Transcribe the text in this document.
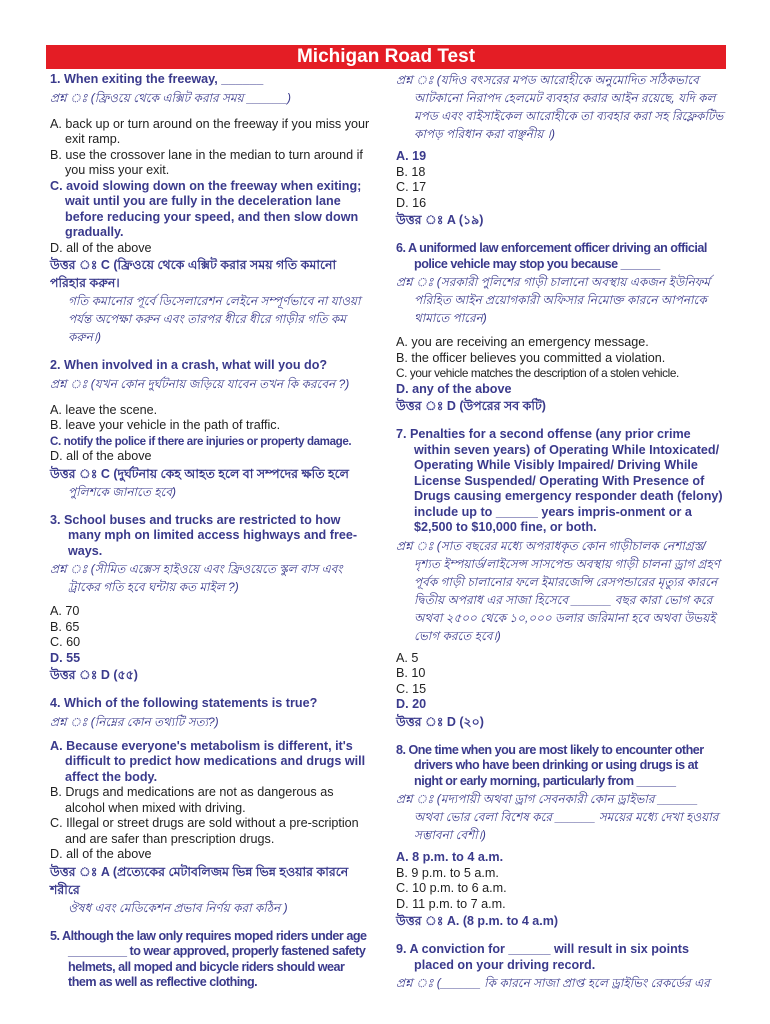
Michigan Road Test
1. When exiting the freeway, ______
প্রশ্ন ঃ (ফ্রিওয়ে থেকে এক্সিট করার সময় ______)
A. back up or turn around on the freeway if you miss your exit ramp.
B. use the crossover lane in the median to turn around if you miss your exit.
C. avoid slowing down on the freeway when exiting; wait until you are fully in the deceleration lane before reducing your speed, and then slow down gradually.
D. all of the above
উত্তর ঃ C (ফ্রিওয়ে থেকে এক্সিট করার সময় গতি কমানো পরিহার করুন।
গতি কমানোর পূর্বে ডিসেলারেশন লেইনে সম্পূর্ণভাবে না যাওয়া পর্যন্ত অপেক্ষা করুন এবং তারপর ধীরে ধীরে গাড়ীর গতি কম করুন।)
2. When involved in a crash, what will you do?
প্রশ্ন ঃ (যখন কোন দুর্ঘটনায় জড়িয়ে যাবেন তখন কি করবেন ?)
A. leave the scene.
B. leave your vehicle in the path of traffic.
C. notify the police if there are injuries or property damage.
D. all of the above
উত্তর ঃ C (দুর্ঘটনায় কেহ আহত হলে বা সম্পদের ক্ষতি হলে
পুলিশকে জানাতে হবে)
3. School buses and trucks are restricted to how many mph on limited access highways and free-ways.
প্রশ্ন ঃ (সীমিত এক্সেস হাইওয়ে এবং ফ্রিওয়েতে স্কুল বাস এবং ট্রাকের গতি হবে ঘন্টায় কত মাইল ?)
A. 70
B. 65
C. 60
D. 55
উত্তর ঃ D (৫৫)
4. Which of the following statements is true?
প্রশ্ন ঃ (নিম্নের কোন তথ্যটি সত্য?)
A. Because everyone's metabolism is different, it's difficult to predict how medications and drugs will affect the body.
B. Drugs and medications are not as dangerous as alcohol when mixed with driving.
C. Illegal or street drugs are sold without a pre-scription and are safer than prescription drugs.
D. all of the above
উত্তর ঃ A (প্রত্যেকের মেটাবলিজম ভিন্ন ভিন্ন হওয়ার কারনে শরীরে
ঔষধ এবং মেডিকেশন প্রভাব নির্ণয় করা কঠিন )
5. Although the law only requires moped riders under age _________ to wear approved, properly fastened safety helmets, all moped and bicycle riders should wear them as well as reflective clothing.
প্রশ্ন ঃ (যদিও বৎসরের মপড আরোহীকে অনুমোদিত সঠিকভাবে আটকানো নিরাপদ হেলমেট ব্যবহার করার আইন রয়েছে, যদি কল মপড এবং বাইসাইকেল আরোহীকে তা ব্যবহার করা সহ রিফ্লেকটিভ কাপড় পরিধান করা বাঞ্ছনীয় ।)
A. 19
B. 18
C. 17
D. 16
উত্তর ঃ A (১৯)
6. A uniformed law enforcement officer driving an official police vehicle may stop you because ______
প্রশ্ন ঃ (সরকারী পুলিশের গাড়ী চালানো অবস্থায় একজন ইউনিফর্ম পরিহিত আইন প্রয়োগকারী অফিসার নিমোক্ত কারনে আপনাকে থামাতে পারেন)
A. you are receiving an emergency message.
B. the officer believes you committed a violation.
C. your vehicle matches the description of a stolen vehicle.
D. any of the above
উত্তর ঃ D (উপরের সব কটি)
7. Penalties for a second offense (any prior crime within seven years) of Operating While Intoxicated/ Operating While Visibly Impaired/ Driving While License Suspended/ Operating With Presence of Drugs causing emergency responder death (felony) include up to ______ years impris-onment or a $2,500 to $10,000 fine, or both.
প্রশ্ন ঃ (সাত বছরের মধ্যে অপরাধকৃত কোন গাড়ীচালক নেশাগ্রস্ত/ দৃশ্যত ইম্পয়ার্ড/লাইসেন্স সাসপেন্ড অবস্থায় গাড়ী চালনা ড্রাগ গ্রহণ পূর্বক গাড়ী চালানোর ফলে ইমারজেন্সি রেসপন্ডারের মৃত্যুর কারনে দ্বিতীয় অপরাধ এর সাজা হিসেবে ______ বছর কারা ভোগ করে অথবা ২৫০০ থেকে ১০,০০০ ডলার জরিমানা হবে অথবা উভয়ই ভোগ করতে হবে।)
A. 5
B. 10
C. 15
D. 20
উত্তর ঃ D (২০)
8. One time when you are most likely to encounter other drivers who have been drinking or using drugs is at night or early morning, particularly from ______
প্রশ্ন ঃ (মদ্যপায়ী অথবা ড্রাগ সেবনকারী কোন ড্রাইভার ______ অথবা ভোর বেলা বিশেষ করে ______ সময়ের মধ্যে দেখা হওয়ার সম্ভাবনা বেশী।)
A. 8 p.m. to 4 a.m.
B. 9 p.m. to 5 a.m.
C. 10 p.m. to 6 a.m.
D. 11 p.m. to 7 a.m.
উত্তর ঃ A. (8 p.m. to 4 a.m)
9. A conviction for ______ will result in six points placed on your driving record.
প্রশ্ন ঃ (______ কি কারনে সাজা প্রাপ্ত হলে ড্রাইভিং রেকর্ডের এর
